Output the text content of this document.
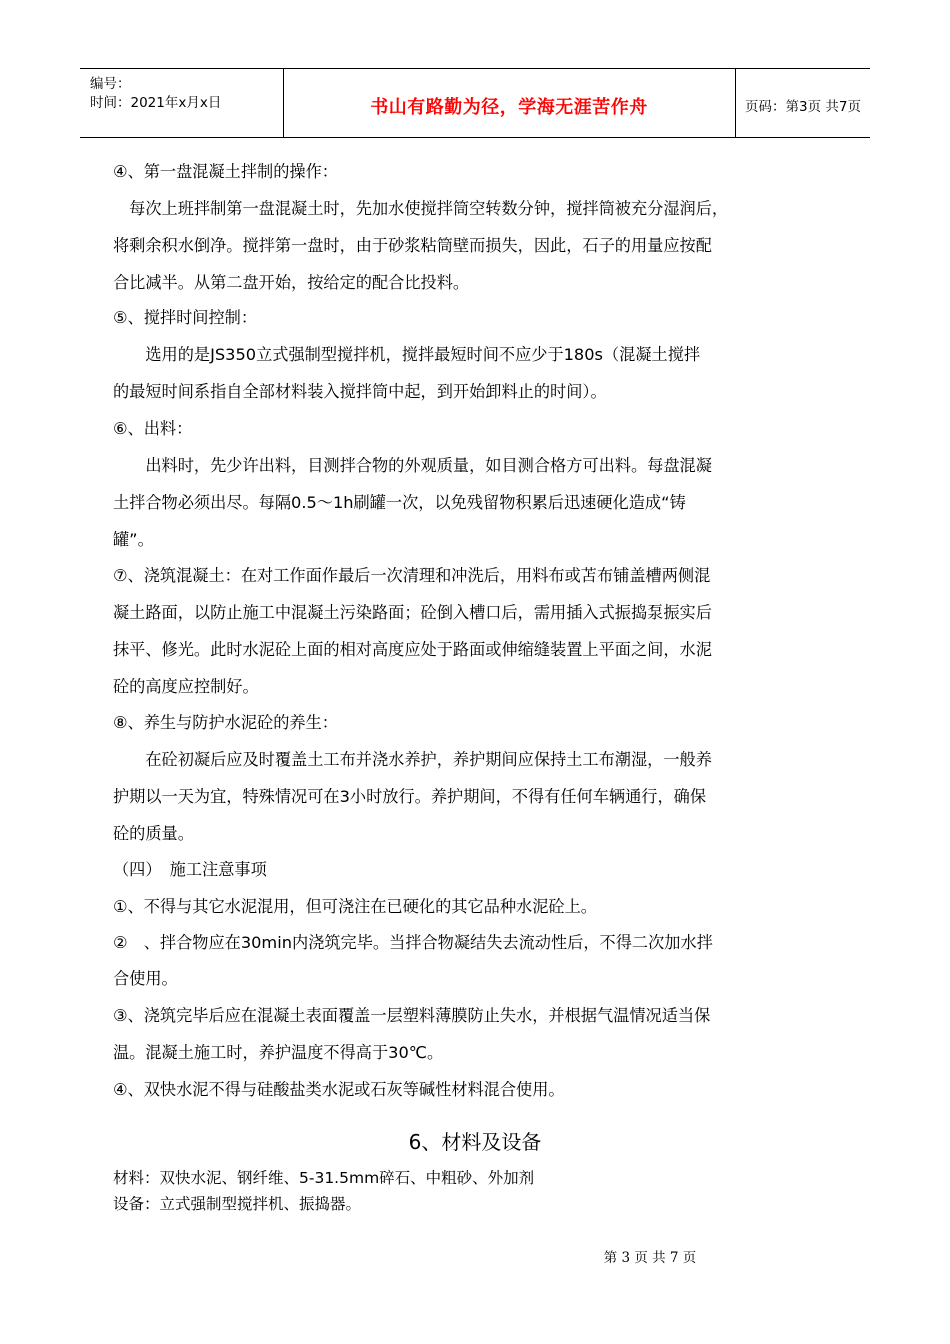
编号：
时间：2021年x月x日	书山有路勤为径，学海无涯苦作舟	页码：第3页 共7页
④、第一盘混凝土拌制的操作：
　每次上班拌制第一盘混凝土时，先加水使搅拌筒空转数分钟，搅拌筒被充分湿润后，
将剩余积水倒净。搅拌第一盘时，由于砂浆粘筒壁而损失，因此，石子的用量应按配
合比减半。从第二盘开始，按给定的配合比投料。
⑤、搅拌时间控制：
　　选用的是JS350立式强制型搅拌机，搅拌最短时间不应少于180s（混凝土搅拌
的最短时间系指自全部材料装入搅拌筒中起，到开始卸料止的时间）。
⑥、出料：
　　出料时，先少许出料，目测拌合物的外观质量，如目测合格方可出料。每盘混凝
土拌合物必须出尽。每隔0.5～1h刷罐一次，以免残留物积累后迅速硬化造成“铸
罐”。
⑦、浇筑混凝土：在对工作面作最后一次清理和冲洗后，用料布或苫布铺盖槽两侧混
凝土路面，以防止施工中混凝土污染路面；砼倒入槽口后，需用插入式振捣泵振实后
抹平、修光。此时水泥砼上面的相对高度应处于路面或伸缩缝装置上平面之间，水泥
砼的高度应控制好。
⑧、养生与防护水泥砼的养生：
　　在砼初凝后应及时覆盖土工布并浇水养护，养护期间应保持土工布潮湿，一般养
护期以一天为宜，特殊情况可在3小时放行。养护期间，不得有任何车辆通行，确保
砼的质量。
（四）　施工注意事项
①、不得与其它水泥混用，但可浇注在已硬化的其它品种水泥砼上。
②　、拌合物应在30min内浇筑完毕。当拌合物凝结失去流动性后，不得二次加水拌
合使用。
③、浇筑完毕后应在混凝土表面覆盖一层塑料薄膜防止失水，并根据气温情况适当保
温。混凝土施工时，养护温度不得高于30℃。
④、双快水泥不得与硅酸盐类水泥或石灰等碱性材料混合使用。
6、材料及设备
材料：双快水泥、钢纤维、5-31.5mm碎石、中粗砂、外加剂
设备：立式强制型搅拌机、振捣器。
第 3 页 共 7 页
